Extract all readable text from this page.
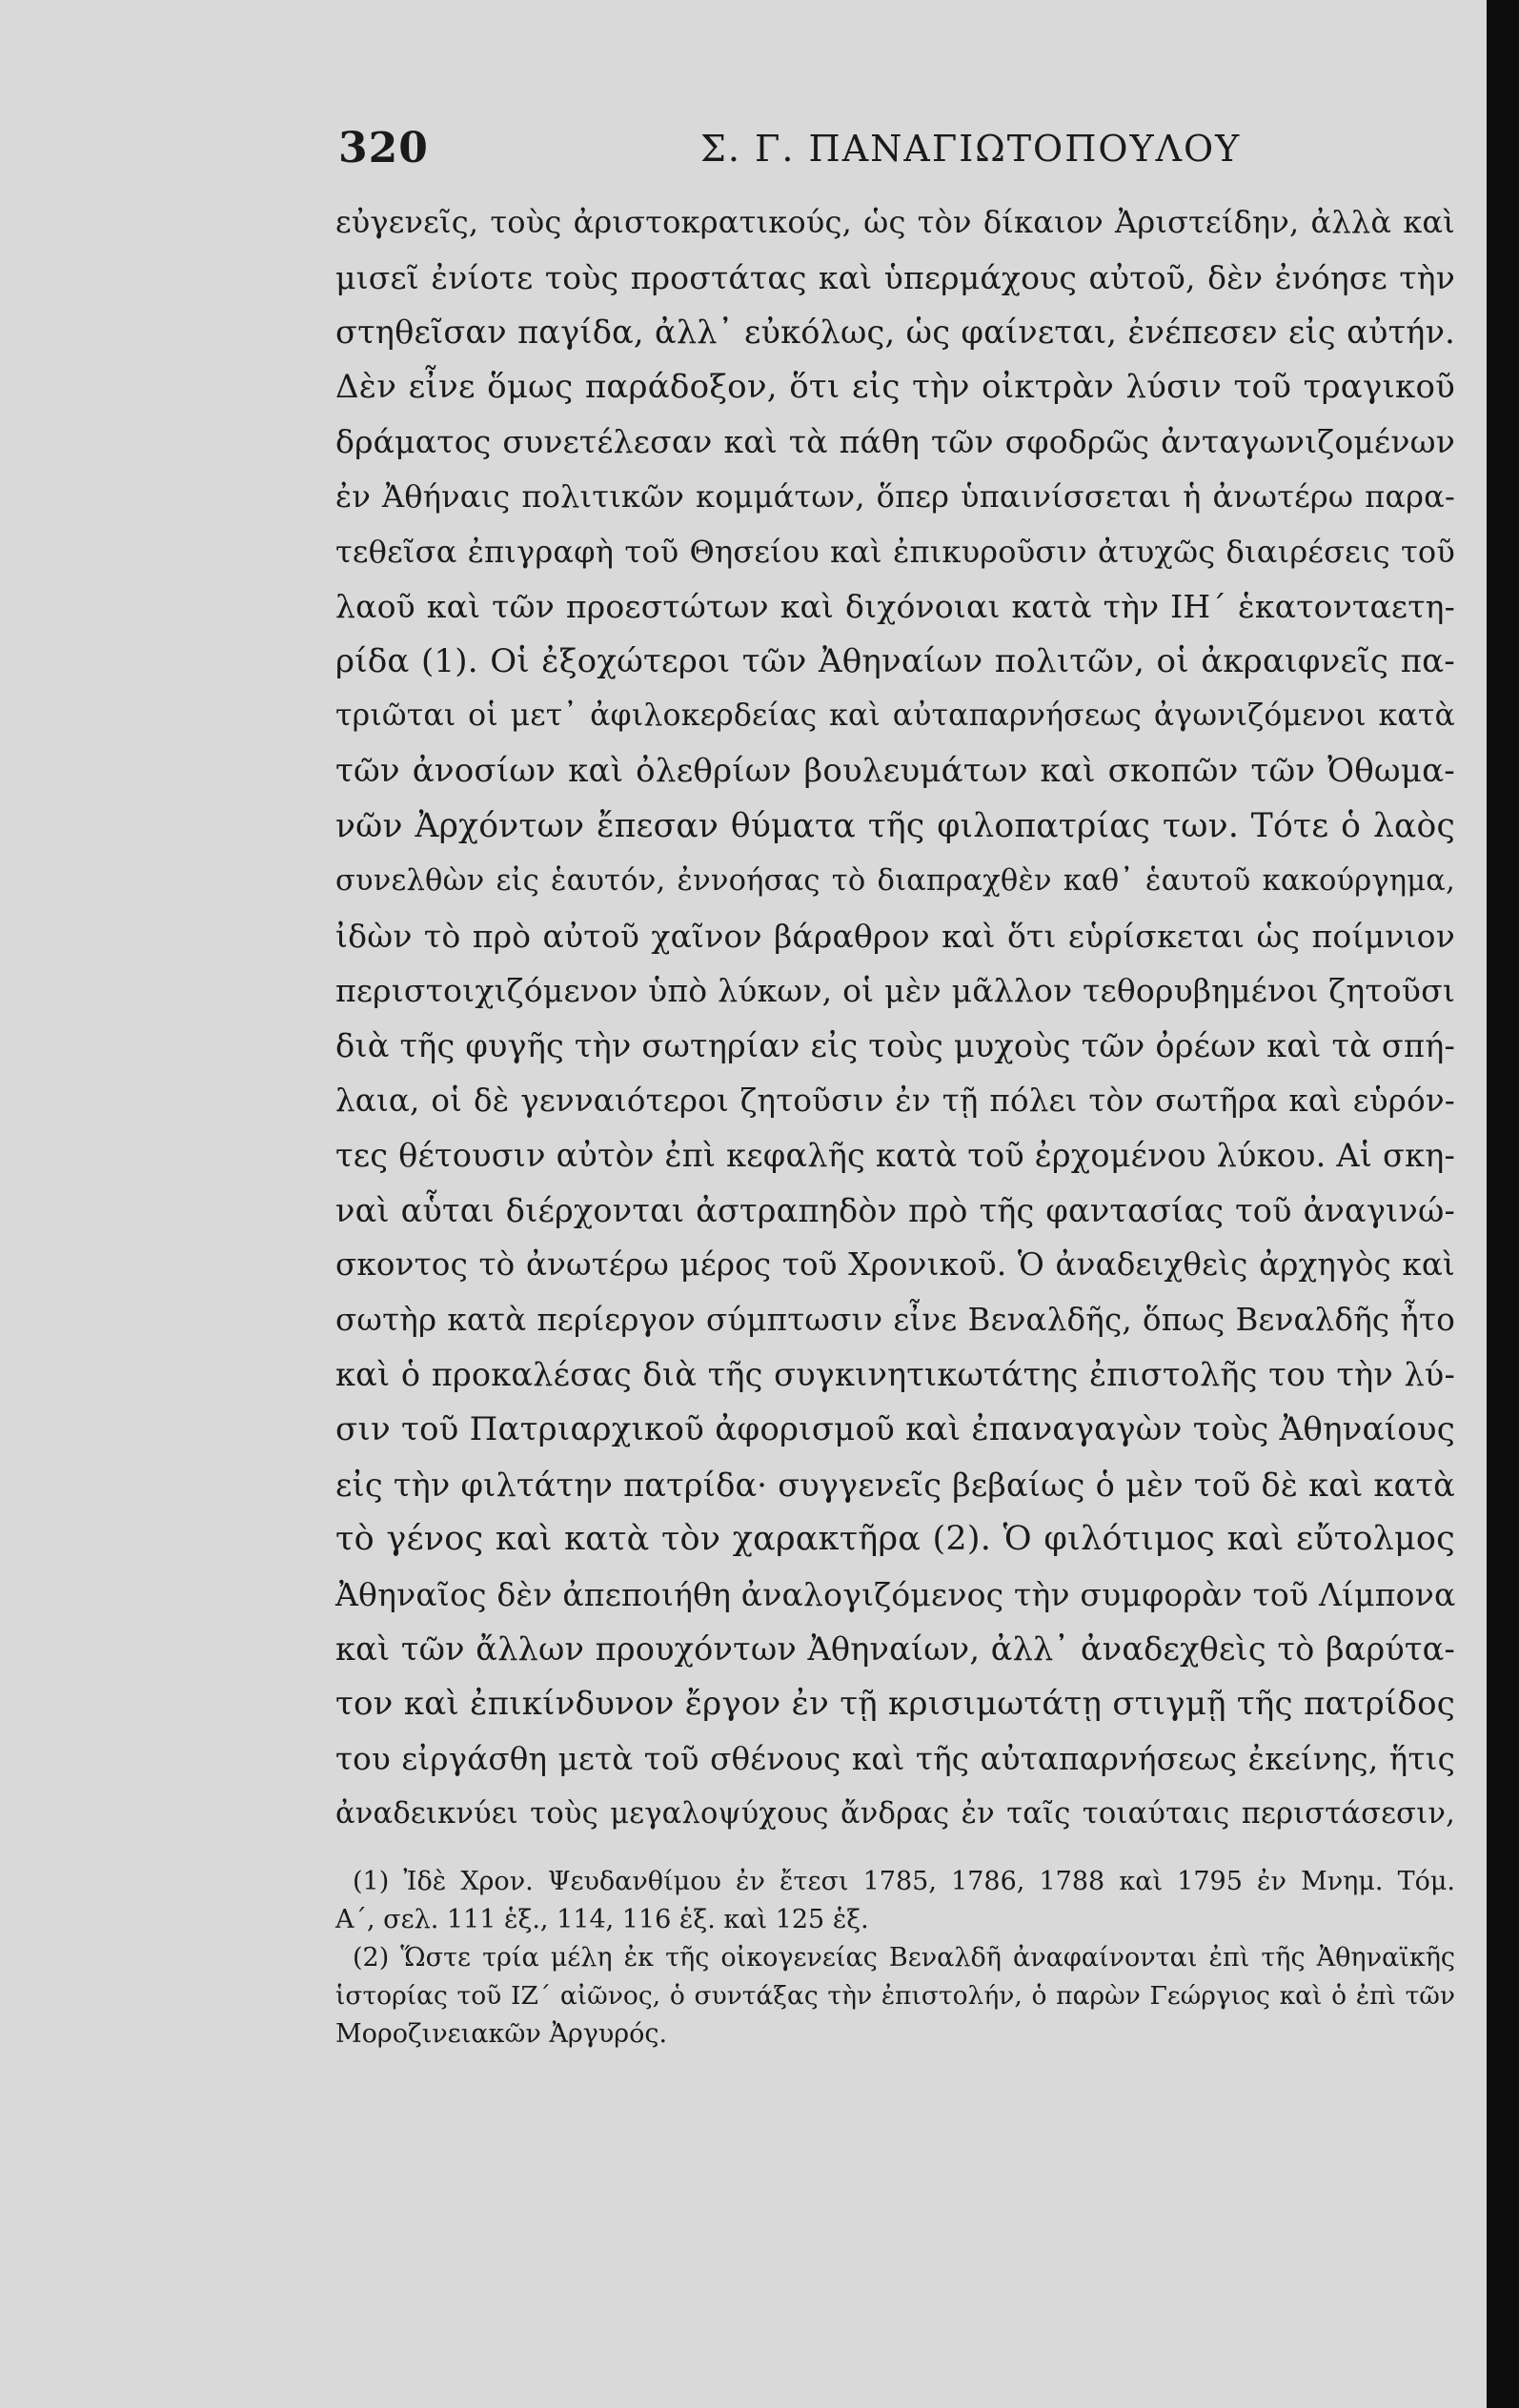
320	Σ. Γ. ΠΑΝΑΓΙΩΤΟΠΟΥΛΟΥ
εὐγενεῖς, τοὺς ἀριστοκρατικούς, ὡς τὸν δίκαιον Ἀριστείδην, ἀλλὰ καὶ
μισεῖ ἐνίοτε τοὺς προστάτας καὶ ὑπερμάχους αὐτοῦ, δὲν ἐνόησε τὴν
στηθεῖσαν παγίδα, ἀλλ᾽ εὐκόλως, ὡς φαίνεται, ἐνέπεσεν εἰς αὐτήν.
Δὲν εἶνε ὅμως παράδοξον, ὅτι εἰς τὴν οἰκτρὰν λύσιν τοῦ τραγικοῦ
δράματος συνετέλεσαν καὶ τὰ πάθη τῶν σφοδρῶς ἀνταγωνιζομένων
ἐν Ἀθήναις πολιτικῶν κομμάτων, ὅπερ ὑπαινίσσεται ἡ ἀνωτέρω παρα-
τεθεῖσα ἐπιγραφὴ τοῦ Θησείου καὶ ἐπικυροῦσιν ἀτυχῶς διαιρέσεις τοῦ
λαοῦ καὶ τῶν προεστώτων καὶ διχόνοιαι κατὰ τὴν ΙΗ´ ἑκατονταετη-
ρίδα (1). Οἱ ἐξοχώτεροι τῶν Ἀθηναίων πολιτῶν, οἱ ἀκραιφνεῖς πα-
τριῶται οἱ μετ᾽ ἀφιλοκερδείας καὶ αὐταπαρνήσεως ἀγωνιζόμενοι κατὰ
τῶν ἀνοσίων καὶ ὀλεθρίων βουλευμάτων καὶ σκοπῶν τῶν Ὀθωμα-
νῶν Ἀρχόντων ἔπεσαν θύματα τῆς φιλοπατρίας των. Τότε ὁ λαὸς
συνελθὼν εἰς ἑαυτόν, ἐννοήσας τὸ διαπραχθὲν καθ᾽ ἑαυτοῦ κακούργημα,
ἰδὼν τὸ πρὸ αὐτοῦ χαῖνον βάραθρον καὶ ὅτι εὑρίσκεται ὡς ποίμνιον
περιστοιχιζόμενον ὑπὸ λύκων, οἱ μὲν μᾶλλον τεθορυβημένοι ζητοῦσι
διὰ τῆς φυγῆς τὴν σωτηρίαν εἰς τοὺς μυχοὺς τῶν ὀρέων καὶ τὰ σπή-
λαια, οἱ δὲ γενναιότεροι ζητοῦσιν ἐν τῇ πόλει τὸν σωτῆρα καὶ εὑρόν-
τες θέτουσιν αὐτὸν ἐπὶ κεφαλῆς κατὰ τοῦ ἐρχομένου λύκου. Αἱ σκη-
ναὶ αὗται διέρχονται ἀστραπηδὸν πρὸ τῆς φαντασίας τοῦ ἀναγινώ-
σκοντος τὸ ἀνωτέρω μέρος τοῦ Χρονικοῦ. Ὁ ἀναδειχθεὶς ἀρχηγὸς καὶ
σωτὴρ κατὰ περίεργον σύμπτωσιν εἶνε Βεναλδῆς, ὅπως Βεναλδῆς ἦτο
καὶ ὁ προκαλέσας διὰ τῆς συγκινητικωτάτης ἐπιστολῆς του τὴν λύ-
σιν τοῦ Πατριαρχικοῦ ἀφορισμοῦ καὶ ἐπαναγαγὼν τοὺς Ἀθηναίους
εἰς τὴν φιλτάτην πατρίδα· συγγενεῖς βεβαίως ὁ μὲν τοῦ δὲ καὶ κατὰ
τὸ γένος καὶ κατὰ τὸν χαρακτῆρα (2). Ὁ φιλότιμος καὶ εὔτολμος
Ἀθηναῖος δὲν ἀπεποιήθη ἀναλογιζόμενος τὴν συμφορὰν τοῦ Λίμπονα
καὶ τῶν ἄλλων προυχόντων Ἀθηναίων, ἀλλ᾽ ἀναδεχθεὶς τὸ βαρύτα-
τον καὶ ἐπικίνδυνον ἔργον ἐν τῇ κρισιμωτάτῃ στιγμῇ τῆς πατρίδος
του εἰργάσθη μετὰ τοῦ σθένους καὶ τῆς αὐταπαρνήσεως ἐκείνης, ἥτις
ἀναδεικνύει τοὺς μεγαλοψύχους ἄνδρας ἐν ταῖς τοιαύταις περιστάσεσιν,
(1) Ἰδὲ Χρον. Ψευδανθίμου ἐν ἔτεσι 1785, 1786, 1788 καὶ 1795 ἐν Μνημ. Τόμ.
Α´, σελ. 111 ἑξ., 114, 116 ἑξ. καὶ 125 ἑξ.
(2) Ὥστε τρία μέλη ἐκ τῆς οἰκογενείας Βεναλδῆ ἀναφαίνονται ἐπὶ τῆς Ἀθηναϊκῆς
ἱστορίας τοῦ ΙΖ´ αἰῶνος, ὁ συντάξας τὴν ἐπιστολήν, ὁ παρὼν Γεώργιος καὶ ὁ ἐπὶ τῶν
Μοροζινειακῶν Ἀργυρός.
